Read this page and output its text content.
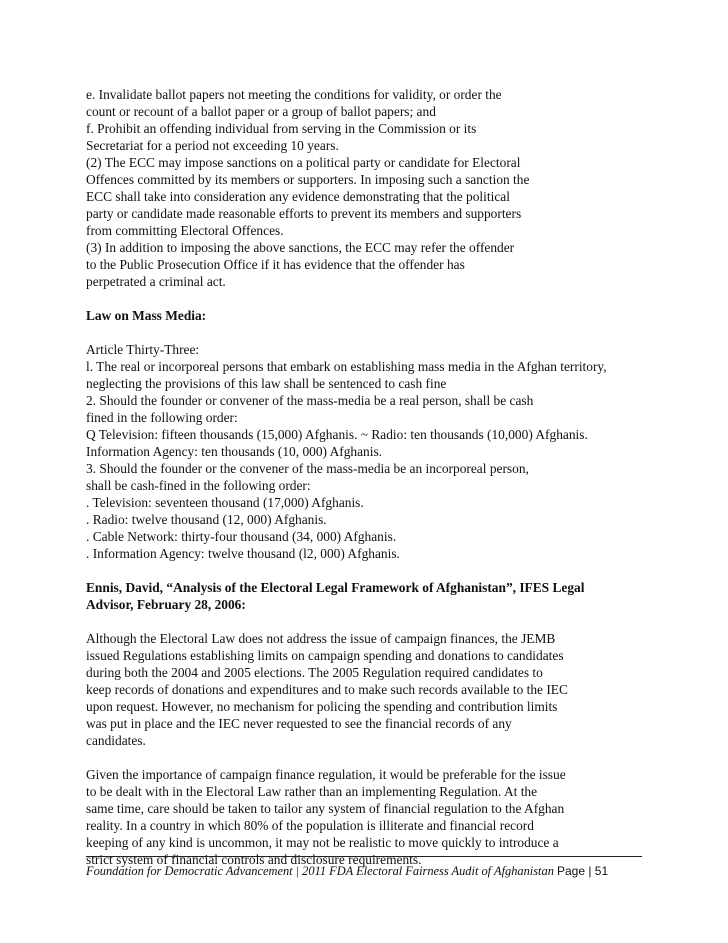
e. Invalidate ballot papers not meeting the conditions for validity, or order the
count or recount of a ballot paper or a group of ballot papers; and
f. Prohibit an offending individual from serving in the Commission or its
Secretariat for a period not exceeding 10 years.
(2) The ECC may impose sanctions on a political party or candidate for Electoral
Offences committed by its members or supporters. In imposing such a sanction the
ECC shall take into consideration any evidence demonstrating that the political
party or candidate made reasonable efforts to prevent its members and supporters
from committing Electoral Offences.
(3) In addition to imposing the above sanctions, the ECC may refer the offender
to the Public Prosecution Office if it has evidence that the offender has
perpetrated a criminal act.
Law on Mass Media:
Article Thirty-Three:
l. The real or incorporeal persons that embark on establishing mass media in the Afghan territory,
neglecting the provisions of this law shall be sentenced to cash fine
2. Should the founder or convener of the mass-media be a real person, shall be cash
fined in the following order:
Q Television: fifteen thousands (15,000) Afghanis. ~ Radio: ten thousands (10,000) Afghanis.
Information Agency: ten thousands (10, 000) Afghanis.
3. Should the founder or the convener of the mass-media be an incorporeal person,
shall be cash-fined in the following order:
. Television: seventeen thousand (17,000) Afghanis.
. Radio: twelve thousand (12, 000) Afghanis.
. Cable Network: thirty-four thousand (34, 000) Afghanis.
. Information Agency: twelve thousand (l2, 000) Afghanis.
Ennis, David, “Analysis of the Electoral Legal Framework of Afghanistan”, IFES Legal
Advisor, February 28, 2006:
Although the Electoral Law does not address the issue of campaign finances, the JEMB
issued Regulations establishing limits on campaign spending and donations to candidates
during both the 2004 and 2005 elections. The 2005 Regulation required candidates to
keep records of donations and expenditures and to make such records available to the IEC
upon request. However, no mechanism for policing the spending and contribution limits
was put in place and the IEC never requested to see the financial records of any
candidates.
Given the importance of campaign finance regulation, it would be preferable for the issue
to be dealt with in the Electoral Law rather than an implementing Regulation. At the
same time, care should be taken to tailor any system of financial regulation to the Afghan
reality. In a country in which 80% of the population is illiterate and financial record
keeping of any kind is uncommon, it may not be realistic to move quickly to introduce a
strict system of financial controls and disclosure requirements.
Foundation for Democratic Advancement | 2011 FDA Electoral Fairness Audit of Afghanistan Page | 51
